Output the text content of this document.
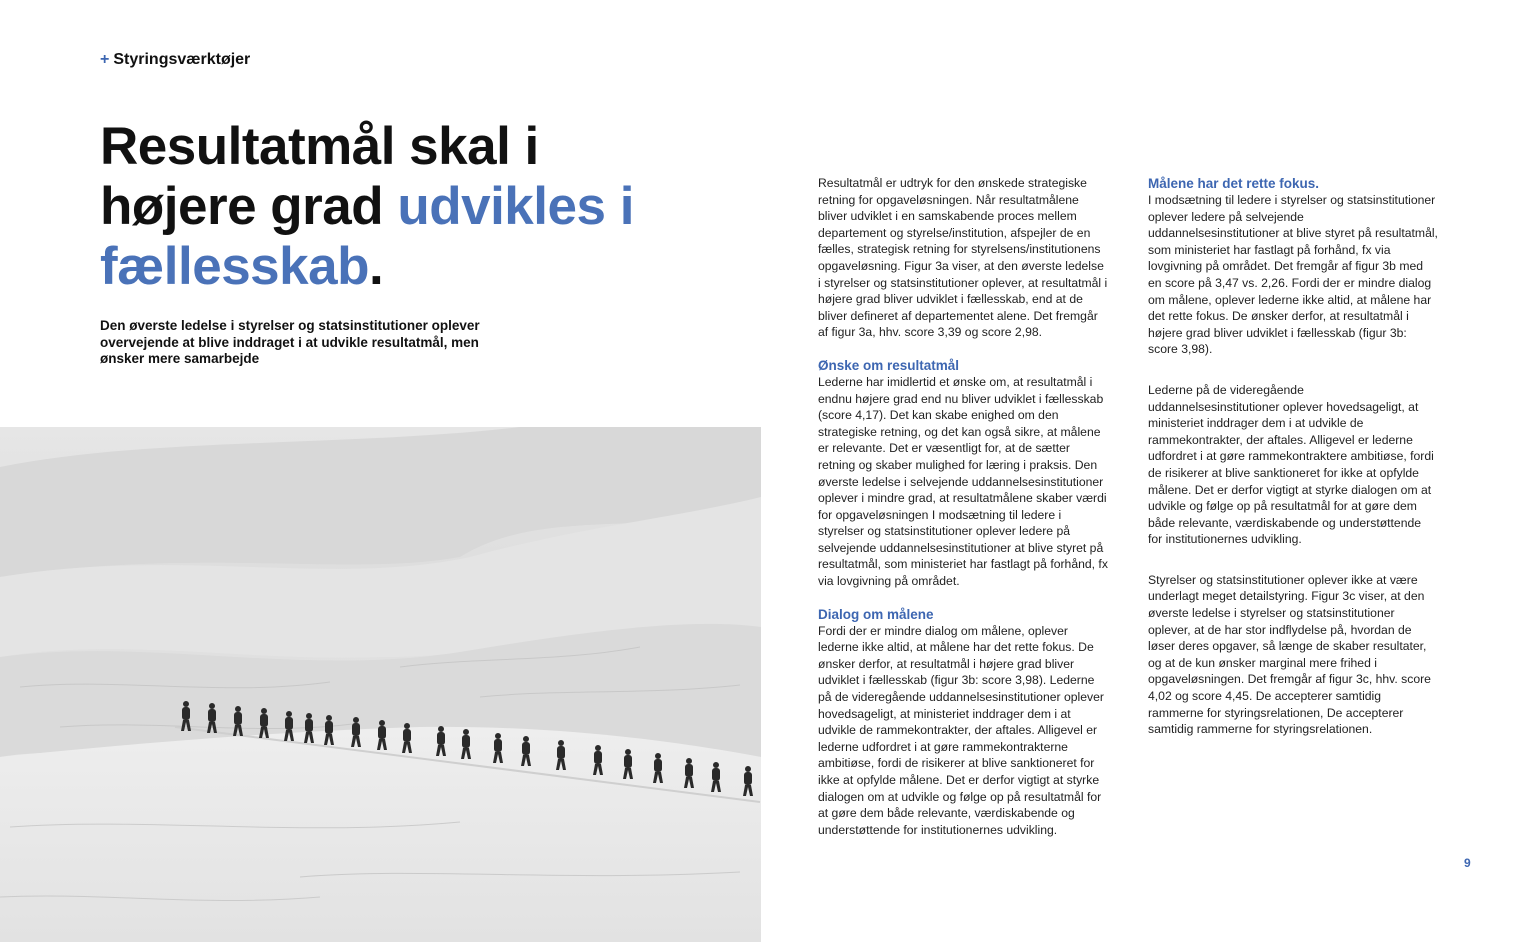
+ Styringsværktøjer
Resultatmål skal i højere grad udvikles i fællesskab.

Den øverste ledelse i styrelser og statsinstitutioner oplever overvejende at blive inddraget i at udvikle resultatmål, men ønsker mere samarbejde

Resultatmål er udtryk for den ønskede strategiske retning for opgaveløsningen. Når resultatmålene bliver udviklet i en samskabende proces mellem departement og styrelse/institution, afspejler de en fælles, strategisk retning for styrelsens/institutionens opgaveløsning. Figur 3a viser, at den øverste ledelse i styrelser og statsinstitutioner oplever, at resultatmål i højere grad bliver udviklet i fællesskab, end at de bliver defineret af departementet alene. Det fremgår af figur 3a, hhv. score 3,39 og score 2,98.

Ønske om resultatmål

Lederne har imidlertid et ønske om, at resultatmål i endnu højere grad end nu bliver udviklet i fællesskab (score 4,17). Det kan skabe enighed om den strategiske retning, og det kan også sikre, at målene er relevante. Det er væsentligt for, at de sætter retning og skaber mulighed for læring i praksis. Den øverste ledelse i selvejende uddannelsesinstitutioner oplever i mindre grad, at resultatmålene skaber værdi for opgaveløsningen I modsætning til ledere i styrelser og statsinstitutioner oplever ledere på selvejende uddannelsesinstitutioner at blive styret på resultatmål, som ministeriet har fastlagt på forhånd, fx via lovgivning på området.

Dialog om målene

Fordi der er mindre dialog om målene, oplever lederne ikke altid, at målene har det rette fokus. De ønsker derfor, at resultatmål i højere grad bliver udviklet i fællesskab (figur 3b: score 3,98). Lederne på de videregående uddannelsesinstitutioner oplever hovedsageligt, at ministeriet inddrager dem i at udvikle de rammekontrakter, der aftales. Alligevel er lederne udfordret i at gøre rammekontrakterne ambitiøse, fordi de risikerer at blive sanktioneret for ikke at opfylde målene. Det er derfor vigtigt at styrke dialogen om at udvikle og følge op på resultatmål for at gøre dem både relevante, værdiskabende og understøttende for institutionernes udvikling.

Målene har det rette fokus.

I modsætning til ledere i styrelser og statsinstitutioner oplever ledere på selvejende uddannelsesinstitutioner at blive styret på resultatmål, som ministeriet har fastlagt på forhånd, fx via lovgivning på området. Det fremgår af figur 3b med en score på 3,47 vs. 2,26. Fordi der er mindre dialog om målene, oplever lederne ikke altid, at målene har det rette fokus. De ønsker derfor, at resultatmål i højere grad bliver udviklet i fællesskab (figur 3b: score 3,98).

Lederne på de videregående uddannelsesinstitutioner oplever hovedsageligt, at ministeriet inddrager dem i at udvikle de rammekontrakter, der aftales. Alligevel er lederne udfordret i at gøre rammekontraktere ambitiøse, fordi de risikerer at blive sanktioneret for ikke at opfylde målene. Det er derfor vigtigt at styrke dialogen om at udvikle og følge op på resultatmål for at gøre dem både relevante, værdiskabende og understøttende for institutionernes udvikling.

Styrelser og statsinstitutioner oplever ikke at være underlagt meget detailstyring. Figur 3c viser, at den øverste ledelse i styrelser og statsinstitutioner oplever, at de har stor indflydelse på, hvordan de løser deres opgaver, så længe de skaber resultater, og at de kun ønsker marginal mere frihed i opgaveløsningen. Det fremgår af figur 3c, hhv. score 4,02 og score 4,45. De accepterer samtidig rammerne for styringsrelationen, De accepterer samtidig rammerne for styringsrelationen.

9
